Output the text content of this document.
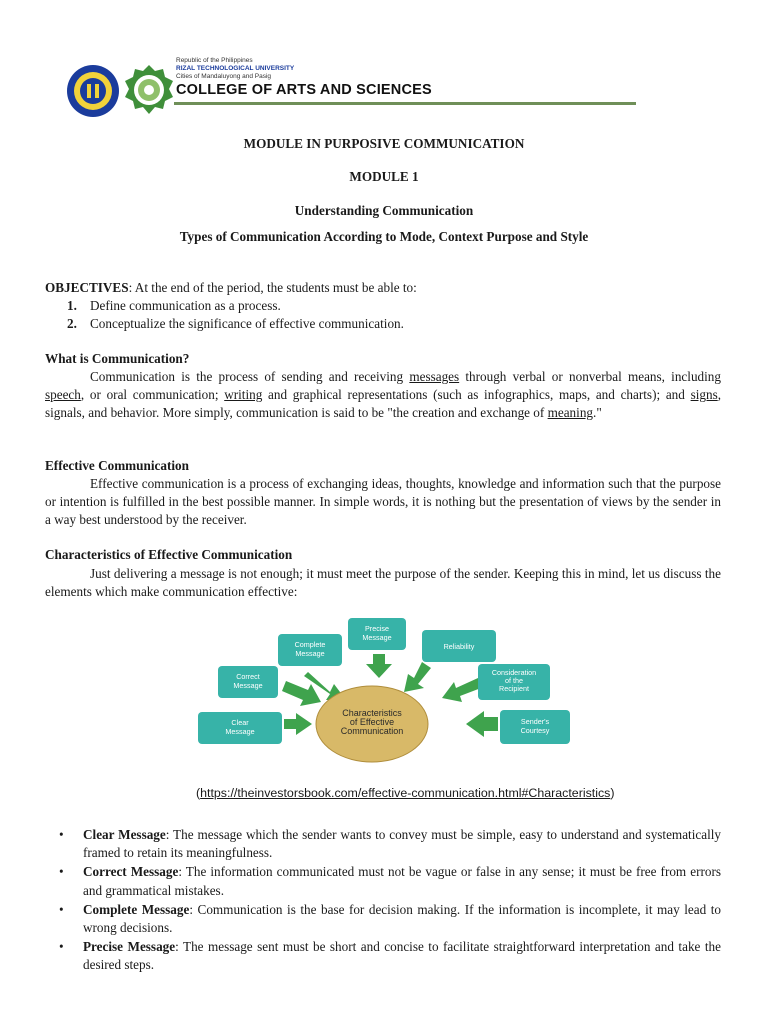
Republic of the Philippines
RIZAL TECHNOLOGICAL UNIVERSITY
Cities of Mandaluyong and Pasig
COLLEGE OF ARTS AND SCIENCES
MODULE IN PURPOSIVE COMMUNICATION
MODULE 1
Understanding Communication
Types of Communication According to Mode, Context Purpose and Style
OBJECTIVES: At the end of the period, the students must be able to:
1. Define communication as a process.
2. Conceptualize the significance of effective communication.
What is Communication?
Communication is the process of sending and receiving messages through verbal or nonverbal means, including speech, or oral communication; writing and graphical representations (such as infographics, maps, and charts); and signs, signals, and behavior. More simply, communication is said to be "the creation and exchange of meaning."
Effective Communication
Effective communication is a process of exchanging ideas, thoughts, knowledge and information such that the purpose or intention is fulfilled in the best possible manner. In simple words, it is nothing but the presentation of views by the sender in a way best understood by the receiver.
Characteristics of Effective Communication
Just delivering a message is not enough; it must meet the purpose of the sender. Keeping this in mind, let us discuss the elements which make communication effective:
Characteristics
of Effective
Communication
Complete
Message
Precise
Message
Reliability
Correct
Message
Consideration
of the
Recipient
Clear
Message
Sender's
Courtesy
(https://theinvestorsbook.com/effective-communication.html#Characteristics)
• Clear Message: The message which the sender wants to convey must be simple, easy to understand and systematically framed to retain its meaningfulness.
• Correct Message: The information communicated must not be vague or false in any sense; it must be free from errors and grammatical mistakes.
• Complete Message: Communication is the base for decision making. If the information is incomplete, it may lead to wrong decisions.
• Precise Message: The message sent must be short and concise to facilitate straightforward interpretation and take the desired steps.
